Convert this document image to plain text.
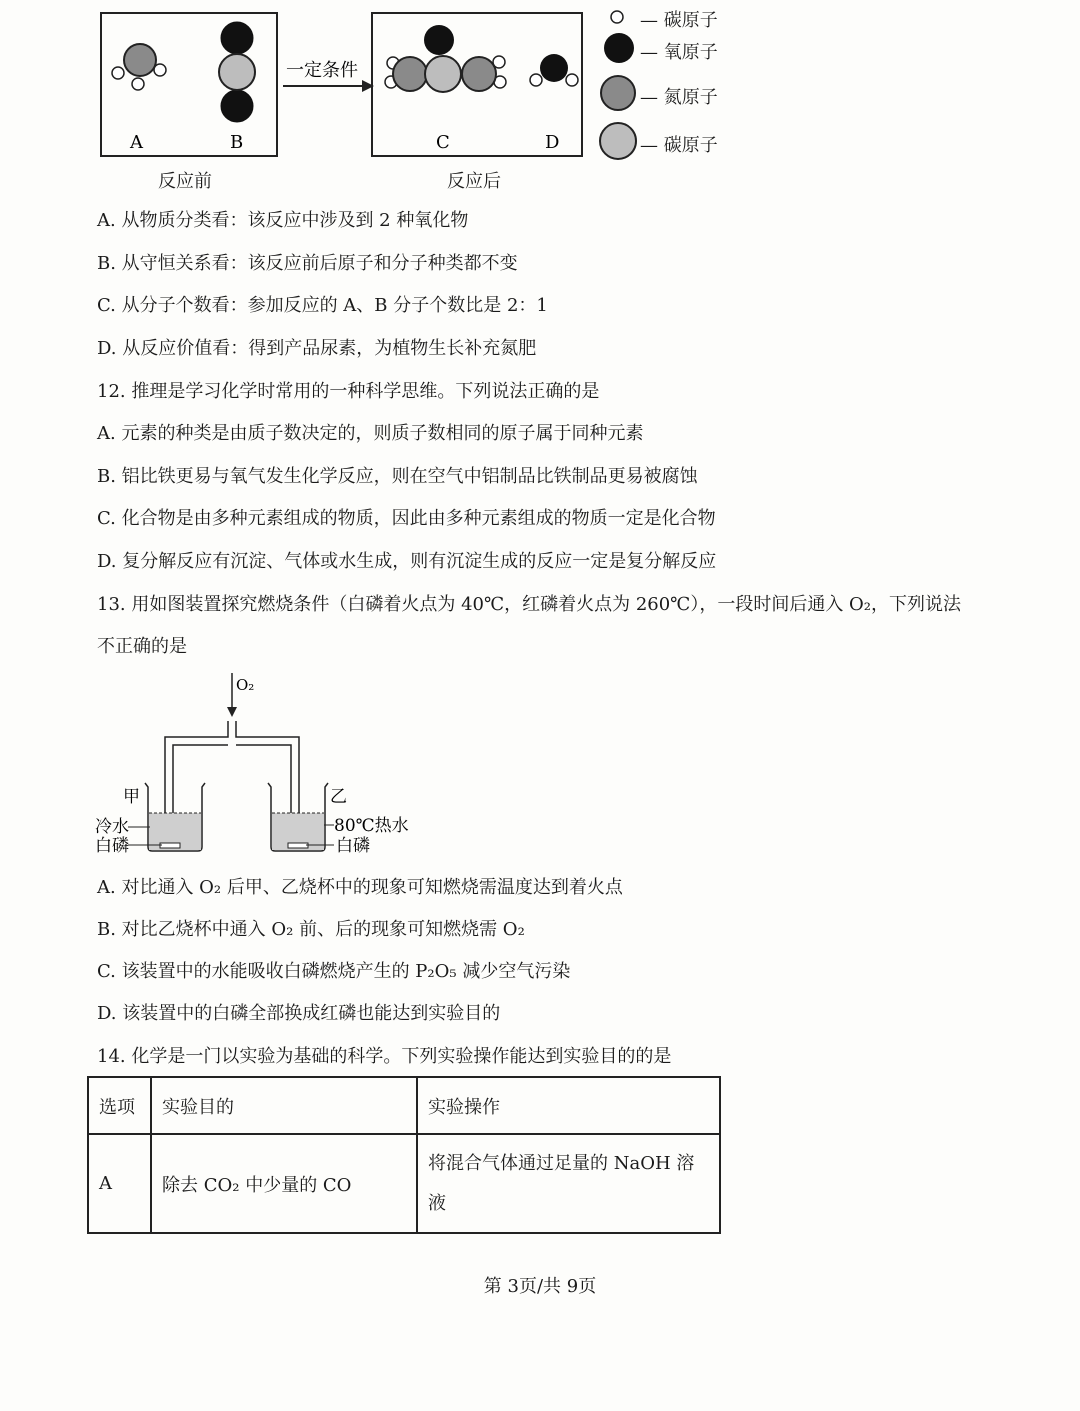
A	B
一定条件
C	D
— 碳原子
— 氧原子
— 氮原子
— 碳原子
反应前	反应后
A. 从物质分类看：该反应中涉及到 2 种氧化物
B. 从守恒关系看：该反应前后原子和分子种类都不变
C. 从分子个数看：参加反应的 A、B 分子个数比是 2：1
D. 从反应价值看：得到产品尿素，为植物生长补充氮肥
12. 推理是学习化学时常用的一种科学思维。下列说法正确的是
A. 元素的种类是由质子数决定的，则质子数相同的原子属于同种元素
B. 铝比铁更易与氧气发生化学反应，则在空气中铝制品比铁制品更易被腐蚀
C. 化合物是由多种元素组成的物质，因此由多种元素组成的物质一定是化合物
D. 复分解反应有沉淀、气体或水生成，则有沉淀生成的反应一定是复分解反应
13. 用如图装置探究燃烧条件（白磷着火点为 40℃，红磷着火点为 260℃），一段时间后通入 O₂，下列说法
不正确的是
O₂
甲
冷水
白磷
乙
80℃热水
白磷
A. 对比通入 O₂ 后甲、乙烧杯中的现象可知燃烧需温度达到着火点
B. 对比乙烧杯中通入 O₂ 前、后的现象可知燃烧需 O₂
C. 该装置中的水能吸收白磷燃烧产生的 P₂O₅ 减少空气污染
D. 该装置中的白磷全部换成红磷也能达到实验目的
14. 化学是一门以实验为基础的科学。下列实验操作能达到实验目的的是
选项	实验目的	实验操作
A	除去 CO₂ 中少量的 CO	将混合气体通过足量的 NaOH 溶
液
第 3页/共 9页
